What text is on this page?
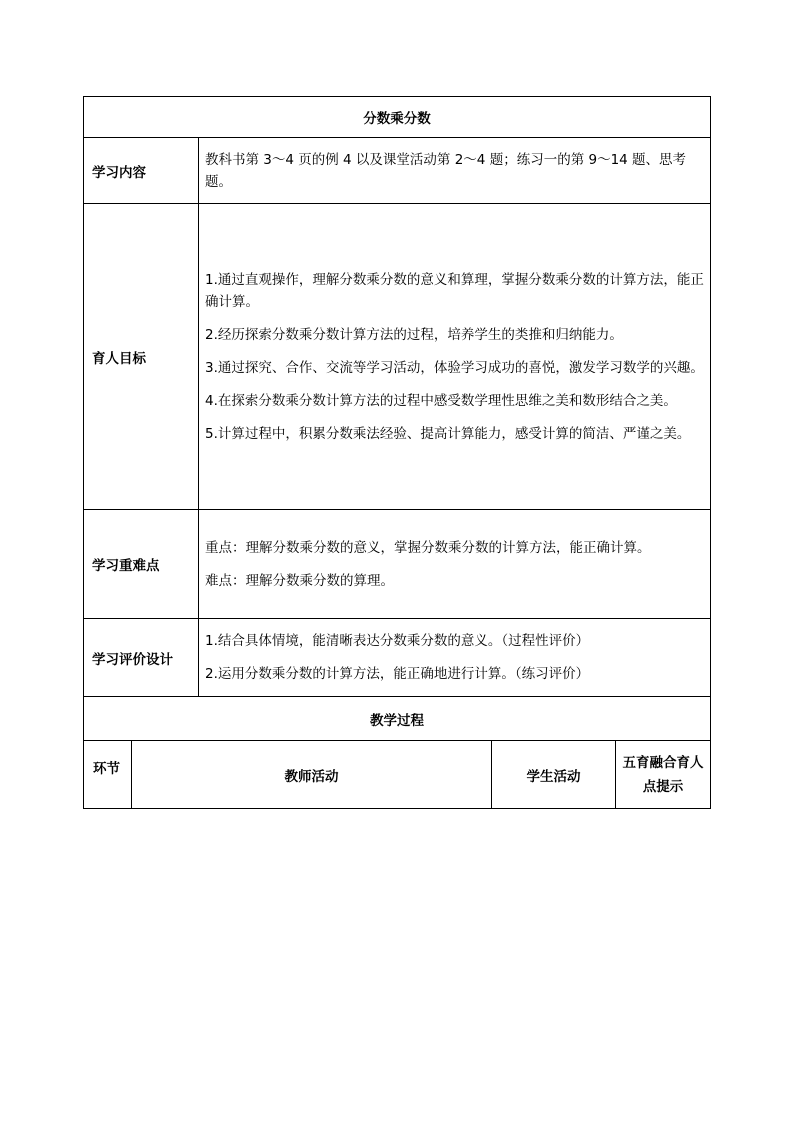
分数乘分数				
学习内容		教科书第 3～4 页的例 4 以及课堂活动第 2～4 题；练习一的第 9～14 题、思考题。		

育人目标		1.通过直观操作，理解分数乘分数的意义和算理，掌握分数乘分数的计算方法，能正确计算。

2.经历探索分数乘分数计算方法的过程，培养学生的类推和归纳能力。

3.通过探究、合作、交流等学习活动，体验学习成功的喜悦，激发学习数学的兴趣。

4.在探索分数乘分数计算方法的过程中感受数学理性思维之美和数形结合之美。

5.计算过程中，积累分数乘法经验、提高计算能力，感受计算的简洁、严谨之美。		

学习重难点		重点：理解分数乘分数的意义，掌握分数乘分数的计算方法，能正确计算。

难点：理解分数乘分数的算理。		

学习评价设计		1.结合具体情境，能清晰表达分数乘分数的意义。（过程性评价）

2.运用分数乘分数的计算方法，能正确地进行计算。（练习评价）		

教学过程				
环节	教师活动		学生活动	五育融合育人点提示
